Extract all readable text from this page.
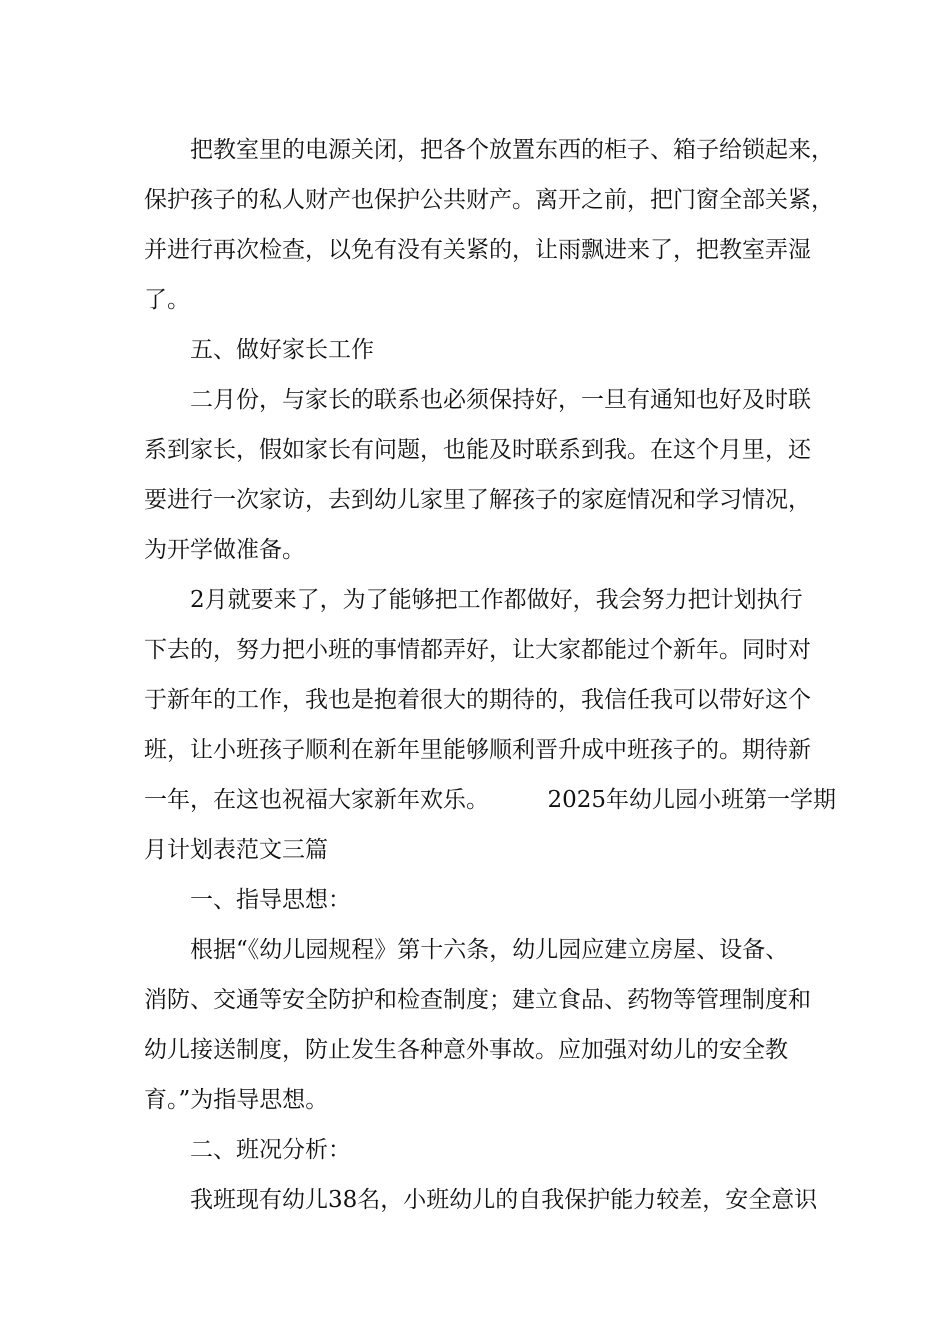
把教室里的电源关闭，把各个放置东西的柜子、箱子给锁起来，
保护孩子的私人财产也保护公共财产。离开之前，把门窗全部关紧，
并进行再次检查，以免有没有关紧的，让雨飘进来了，把教室弄湿
了。
五、做好家长工作
二月份，与家长的联系也必须保持好，一旦有通知也好及时联
系到家长，假如家长有问题，也能及时联系到我。在这个月里，还
要进行一次家访，去到幼儿家里了解孩子的家庭情况和学习情况，
为开学做准备。
2月就要来了，为了能够把工作都做好，我会努力把计划执行
下去的，努力把小班的事情都弄好，让大家都能过个新年。同时对
于新年的工作，我也是抱着很大的期待的，我信任我可以带好这个
班，让小班孩子顺利在新年里能够顺利晋升成中班孩子的。期待新
一年，在这也祝福大家新年欢乐。        2025年幼儿园小班第一学期
月计划表范文三篇
一、指导思想：
根据“《幼儿园规程》第十六条，幼儿园应建立房屋、设备、
消防、交通等安全防护和检查制度；建立食品、药物等管理制度和
幼儿接送制度，防止发生各种意外事故。应加强对幼儿的安全教
育。”为指导思想。
二、班况分析：
我班现有幼儿38名，小班幼儿的自我保护能力较差，安全意识
